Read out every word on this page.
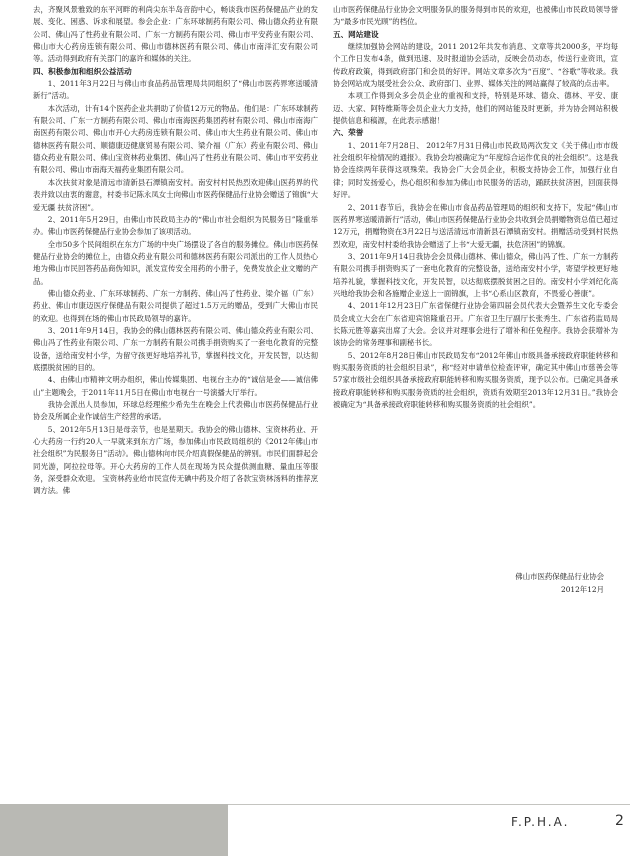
去，齐聚风景雅致的东平河畔的利尚尖东半岛音韵中心，畅谈我市医药保健品产业的发展、变化、困惑、诉求和展望。参会企业：广东环球制药有限公司、佛山德众药业有限公司、佛山冯了性药业有限公司、广东一方制药有限公司、佛山市平安药业有限公司、佛山市大心药房连锁有限公司、佛山市德林医药有限公司、佛山市南洋汇安有限公司等。活动得到政府有关部门的嘉许和媒体的关注。

四、积极参加和组织公益活动

1、2011年3月22日与佛山市食品药品管理局共同组织了“佛山市医药界寒送暖清新行”活动。

本次活动，计有14个医药企业共捐助了价值12万元的物品。他们是：广东环球制药有限公司、广东一方制药有限公司、佛山市南海医药集团药材有限公司、佛山市南海广南医药有限公司、佛山市开心大药房连锁有限公司、佛山市大生药业有限公司、佛山市德林医药有限公司、顺德康迈健康贸易有限公司、梁介福（广东）药业有限公司、佛山德众药业有限公司、佛山宝资林药业集团、佛山冯了性药业有限公司、佛山市平安药业有限公司、佛山市南海天福药业集团有限公司。

本次扶贫对象是清远市清新县石潭镇南安村。南安村村民热烈欢迎佛山医药界的代表并致以由衷的谢意，村委书记陈永凤女士向佛山市医药保健品行业协会赠送了锦旗“大爱无疆 扶贫济困”。

2、2011年5月29日，由佛山市民政局主办的“佛山市社会组织为民服务日”隆重举办。佛山市医药保健品行业协会参加了该项活动。

全市50多个民间组织在东方广场的中央广场摆设了各自的服务摊位。佛山市医药保健品行业协会的摊位上，由德众药业有限公司和德林医药有限公司派出的工作人员热心地为佛山市民回答药品商伪知识，派发宣传安全用药的小册子，免费发放企业文赠的产品。

佛山德众药业、广东环球制药、广东一方制药、佛山冯了性药业、梁介福（广东）药业、佛山市康迈医疗保健品有限公司提供了超过1.5万元的赠品，受到广大佛山市民的欢迎。也得到在场的佛山市民政局领导的嘉许。

3、2011年9月14日，我协会的佛山德林医药有限公司、佛山德众药业有限公司、佛山冯了性药业有限公司、广东一方制药有限公司携手捐资购买了一套电化教育的完整设备，送给南安村小学，为留守孩更好地培养礼节，掌握科技文化，开发民智，以达彻底摆脱贫困的目的。

4、由佛山市精神文明办组织，佛山传媒集团、电视台主办的“诚信是金——诚信佛山”主题晚会，于2011年11月5日在佛山市电视台一号演播大厅举行。

我协会派出人员参加，环球总经理熊少希先生在晚会上代表佛山市医药保健品行业协会及所属企业作诚信生产经营的承诺。

5、2012年5月13日是母亲节，也是星期天。我协会的佛山德林、宝资林药业、开心大药房一行约20人一早就来到东方广场，参加佛山市民政局组织的《2012年佛山市社会组织”为民服务日”活动》。佛山德林向市民介绍真假保健品的辨别。市民们面群起会同光游，阿拉拉母等。开心大药房的工作人员在现场为民众提供测血糖、量血压等服务，深受群众欢迎。 宝资林药业给市民宣传无碘中药及介绍了各款宝资林汤料的推荐烹调方法。佛

山市医药保健品行业协会文明服务队的服务得到市民的欢迎，也被佛山市民政局领导誉为“最多市民光顾”的档位。

五、网站建设

继续加强协会网站的建设，2011 2012年共发布消息、文章等共2000多，平均每个工作日发布4条，做到迅速、及时报道协会活动，反映会员动态，传送行业资讯，宣传政府政策，得到政府部门和会员的好评。网站文章多次为“百度”、“谷歌”等收录。我协会网站成为展受社会公众、政府部门、业界、媒体关注的网站赢得了较高的点击率。

本项工作得到众多会员企业的重视和支持，特别是环球、德众、德林、平安、康迈、大家、阿特维斯等会员企业大力支持，他们的网站能及时更新，并为协会网站积极提供信息和稿源，在此表示感谢！

六、荣誉

1、2011年7月28日、 2012年7月31日佛山市民政局两次发文《关于佛山市市级社会组织年检情况的通报》。我协会均被确定为“年度综合运作优良的社会组织”。这是我协会连续两年获得这项殊荣。我协会广大会员企业，积极支持协会工作，加强行业自律；同时发扬爱心，热心组织和参加为佛山市民服务的活动，踊跃扶贫济困，回面获得好评。

2、2011春节后，我协会在佛山市食品药品管理局的组织和支持下，发起“佛山市医药界寒送暖清新行”活动，佛山市医药保健品行业协会共收到会员捐赠物资总值已超过12万元，捐赠物资在3月22日与送活清远市清新县石潭镇南安村。捐赠活动受到村民热烈欢迎，南安村村委给我协会赠送了上书“大爱无疆，扶危济困”的锦旗。

3、2011年9月14日我协会会员佛山德林、佛山德众，佛山冯了性、广东一方制药有限公司携手捐资购买了一套电化教育的完整设备，送给南安村小学，寄望学校更好地培养礼貌，掌握科技文化，开发民智，以达彻底摆脱贫困之目的。南安村小学刘纪化高兴地给我协会和各施赠企业送上一面锦旗，上书“心系山区教育，不畏爱心善康”。

4、2011年12月23日广东省保健行业协会第四届会员代表大会暨养生文化专委会员会成立大会在广东省迎宾馆隆重召开。广东省卫生厅副厅长张秀生、广东省药监局局长陈元胜等嘉宾出席了大会。会议并对理事会进行了增补和任免程序。我协会获增补为该协会的常务理事和副秘书长。

5、2012年8月28日佛山市民政局发布“2012年佛山市级具备承接政府职能转移和购买服务资质的社会组织目录”，称“经对申请单位检查评审，确定其中佛山市慈善会等57家市级社会组织具备承接政府职能转移和购买服务资质，现予以公布。已确定具备承接政府职能转移和购买服务资质的社会组织，资质有效期至2013年12月31日。”我协会被确定为“具备承接政府职能转移和购买服务资质的社会组织”。

佛山市医药保健品行业协会
2012年12月
F.P.H.A.	2
